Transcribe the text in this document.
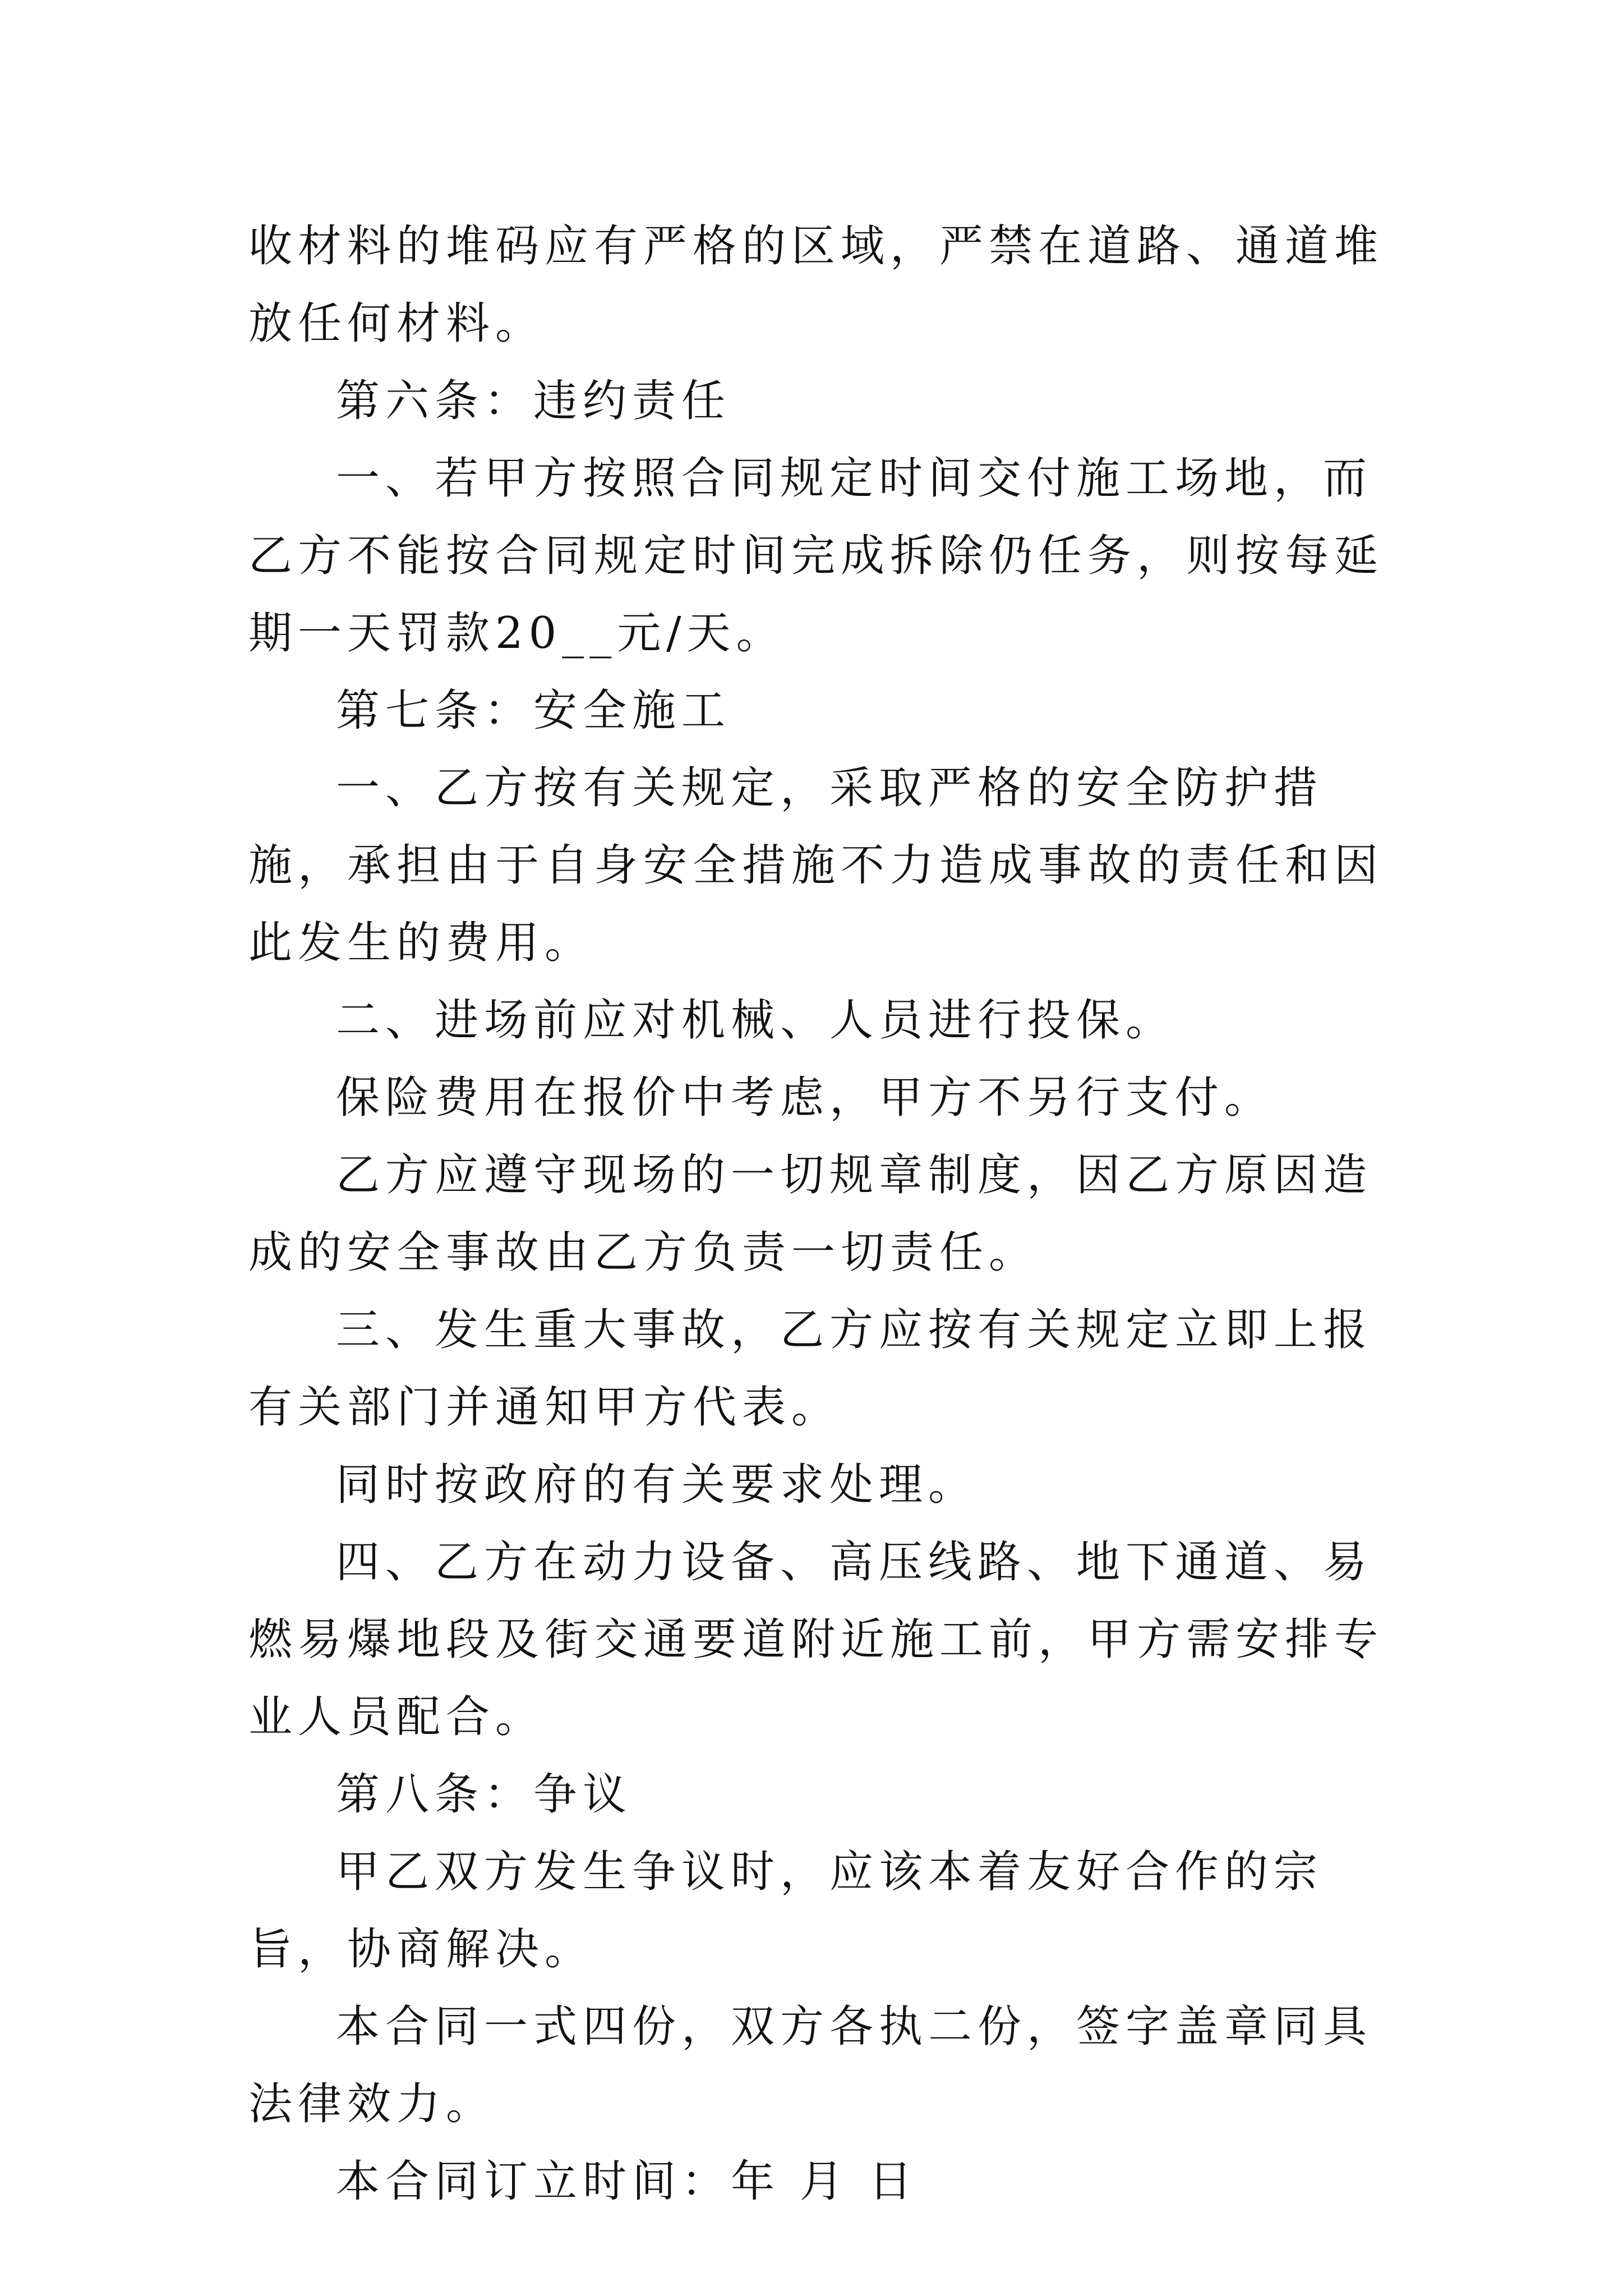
收材料的堆码应有严格的区域，严禁在道路、通道堆放任何材料。

第六条：违约责任

一、若甲方按照合同规定时间交付施工场地，而乙方不能按合同规定时间完成拆除仍任务，则按每延期一天罚款20__元/天。

第七条：安全施工

一、乙方按有关规定，采取严格的安全防护措施，承担由于自身安全措施不力造成事故的责任和因此发生的费用。

二、进场前应对机械、人员进行投保。

保险费用在报价中考虑，甲方不另行支付。

乙方应遵守现场的一切规章制度，因乙方原因造成的安全事故由乙方负责一切责任。

三、发生重大事故，乙方应按有关规定立即上报有关部门并通知甲方代表。

同时按政府的有关要求处理。

四、乙方在动力设备、高压线路、地下通道、易燃易爆地段及街交通要道附近施工前，甲方需安排专业人员配合。

第八条：争议

甲乙双方发生争议时，应该本着友好合作的宗旨，协商解决。

本合同一式四份，双方各执二份，签字盖章同具法律效力。

本合同订立时间：年 月 日
